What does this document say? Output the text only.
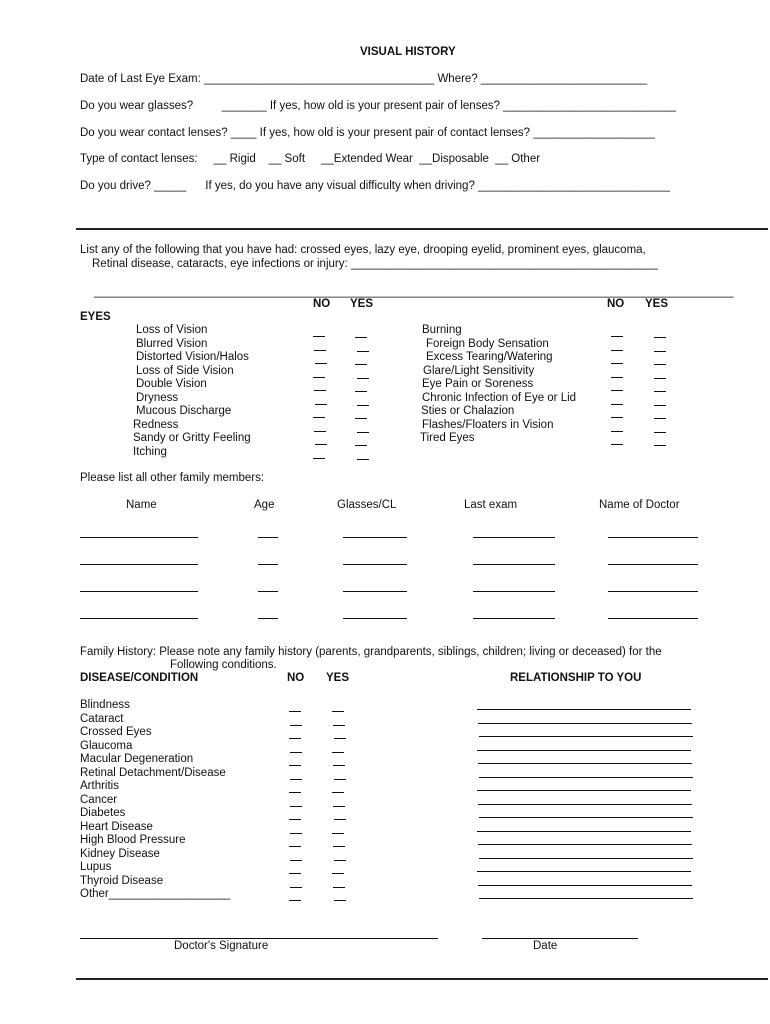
VISUAL HISTORY
Date of Last Eye Exam: ____________________________________ Where? __________________________
Do you wear glasses?         _______ If yes, how old is your present pair of lenses? ___________________________
Do you wear contact lenses? ____ If yes, how old is your present pair of contact lenses? ___________________
Type of contact lenses:     __ Rigid    __ Soft     __Extended Wear  __Disposable  __ Other
Do you drive? _____      If yes, do you have any visual difficulty when driving? ______________________________
List any of the following that you have had: crossed eyes, lazy eye, drooping eyelid, prominent eyes, glaucoma,
Retinal disease, cataracts, eye infections or injury: ________________________________________________
____________________________________________________________________________________________________
NO YES	NO YES
EYES
Loss of Vision
Blurred Vision
Distorted Vision/Halos
Loss of Side Vision
Double Vision
Dryness
Mucous Discharge
Redness
Sandy or Gritty Feeling
Itching
Burning
Foreign Body Sensation
Excess Tearing/Watering
Glare/Light Sensitivity
Eye Pain or Soreness
Chronic Infection of Eye or Lid
Sties or Chalazion
Flashes/Floaters in Vision
Tired Eyes
Please list all other family members:
Name	Age	Glasses/CL	Last exam	Name of Doctor
Family History: Please note any family history (parents, grandparents, siblings, children; living or deceased) for the
Following conditions.
DISEASE/CONDITION	NO YES	RELATIONSHIP TO YOU
Blindness
Cataract
Crossed Eyes
Glaucoma
Macular Degeneration
Retinal Detachment/Disease
Arthritis
Cancer
Diabetes
Heart Disease
High Blood Pressure
Kidney Disease
Lupus
Thyroid Disease
Other___________________
Doctor's Signature	Date
